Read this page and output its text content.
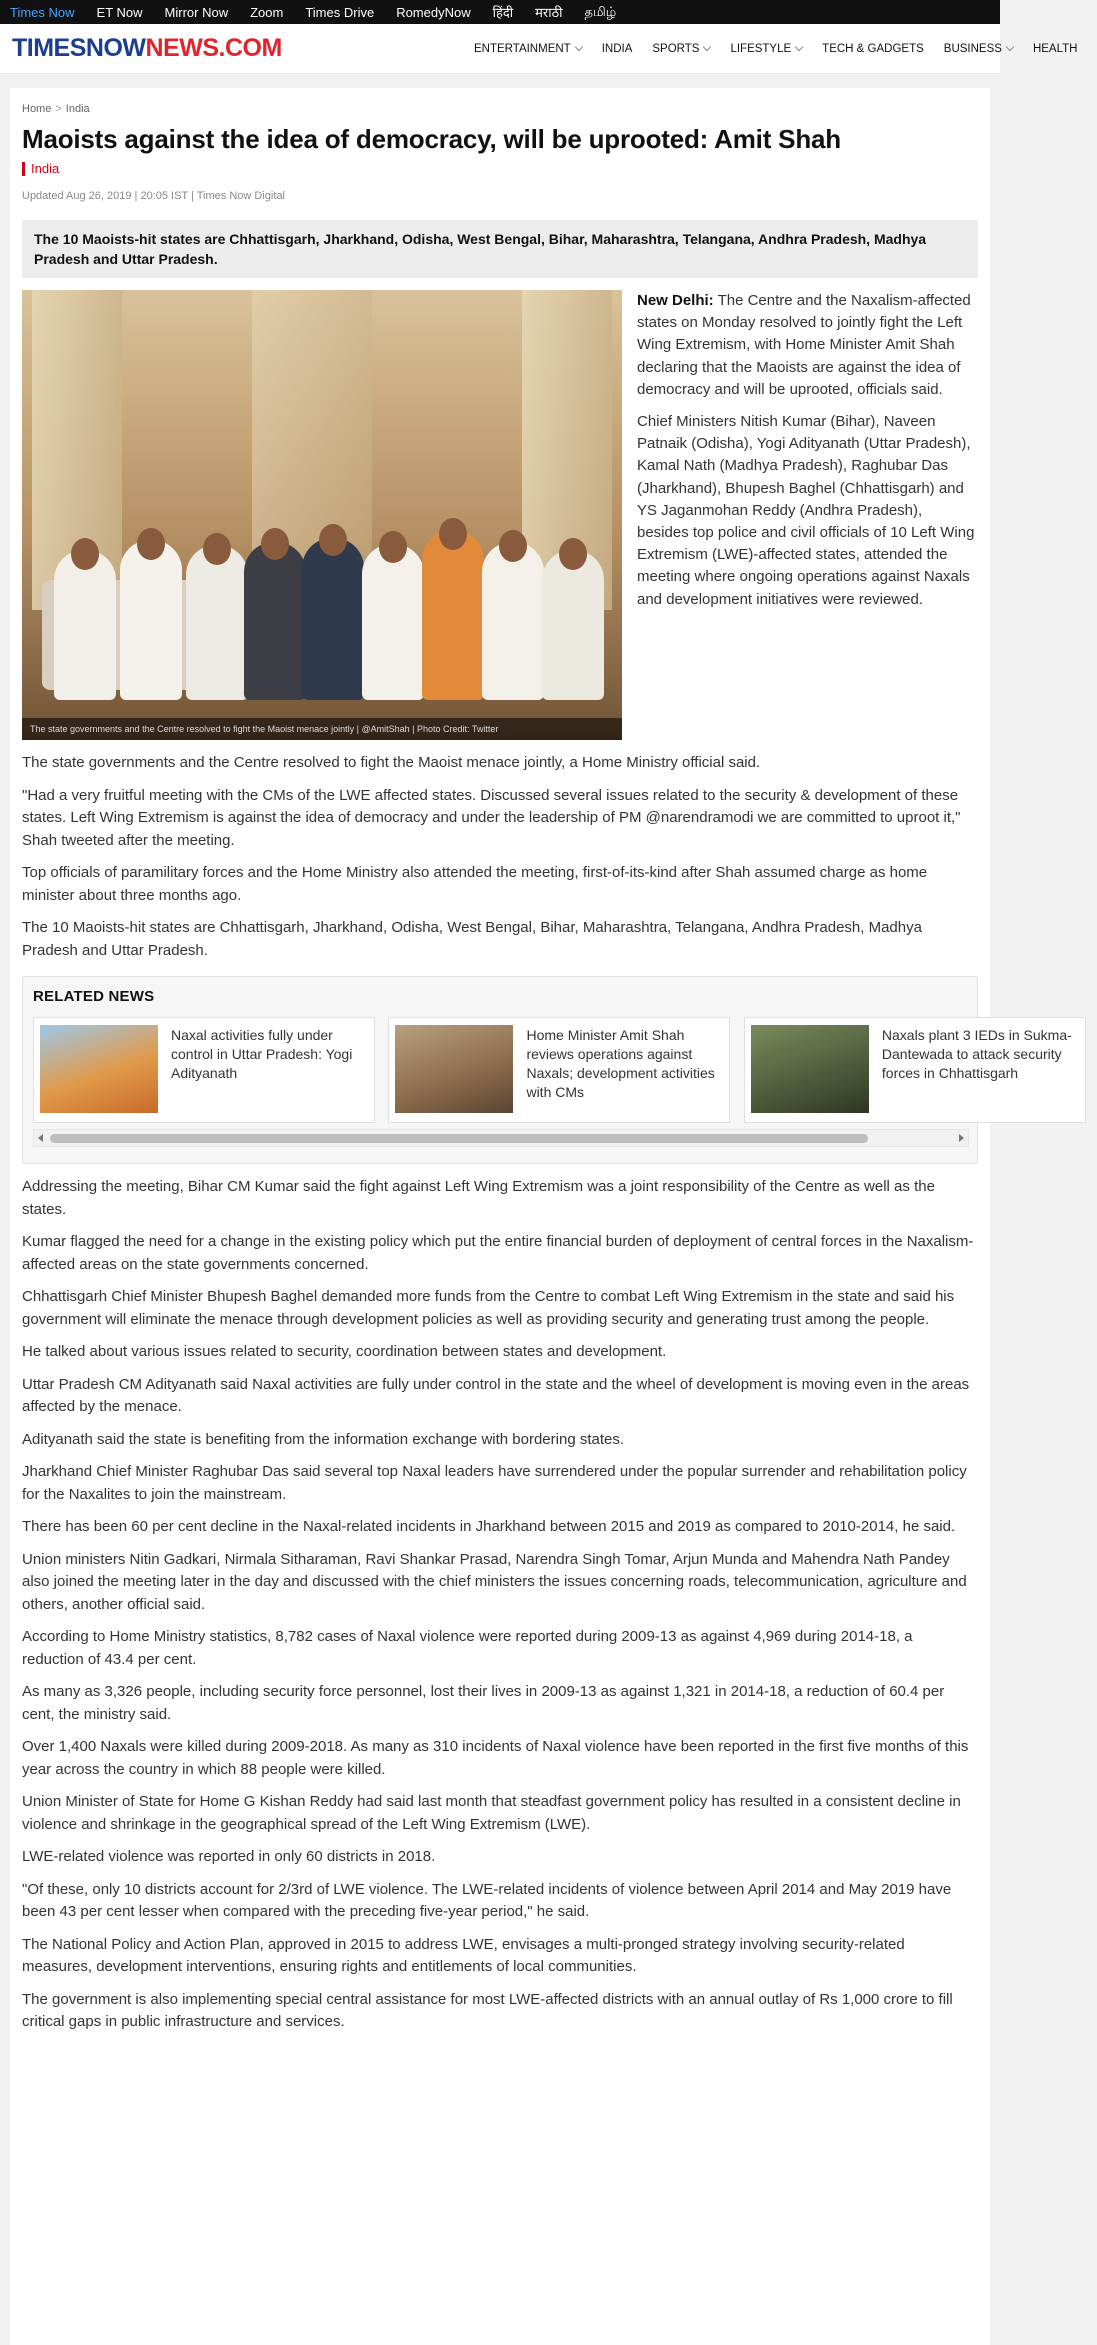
Times Now ET Now Mirror Now Zoom Times Drive RomedyNow हिंदी मराठी தமிழ்
TIMESNOWNEWS.COM	ENTERTAINMENT	INDIA SPORTS	LIFESTYLE	TECH & GADGETS BUSINESS	HEALTH
Home > India
Maoists against the idea of democracy, will be uprooted: Amit Shah
India
Updated Aug 26, 2019 | 20:05 IST | Times Now Digital
The 10 Maoists-hit states are Chhattisgarh, Jharkhand, Odisha, West Bengal, Bihar, Maharashtra, Telangana, Andhra Pradesh, Madhya Pradesh and Uttar Pradesh.
The state governments and the Centre resolved to fight the Maoist menace jointly | @AmitShah | Photo Credit: Twitter

New Delhi: The Centre and the Naxalism-affected states on Monday resolved to jointly fight the Left Wing Extremism, with Home Minister Amit Shah declaring that the Maoists are against the idea of democracy and will be uprooted, officials said.

Chief Ministers Nitish Kumar (Bihar), Naveen Patnaik (Odisha), Yogi Adityanath (Uttar Pradesh), Kamal Nath (Madhya Pradesh), Raghubar Das (Jharkhand), Bhupesh Baghel (Chhattisgarh) and YS Jaganmohan Reddy (Andhra Pradesh), besides top police and civil officials of 10 Left Wing Extremism (LWE)-affected states, attended the meeting where ongoing operations against Naxals and development initiatives were reviewed.

The state governments and the Centre resolved to fight the Maoist menace jointly, a Home Ministry official said.

"Had a very fruitful meeting with the CMs of the LWE affected states. Discussed several issues related to the security & development of these states. Left Wing Extremism is against the idea of democracy and under the leadership of PM @narendramodi we are committed to uproot it," Shah tweeted after the meeting.

Top officials of paramilitary forces and the Home Ministry also attended the meeting, first-of-its-kind after Shah assumed charge as home minister about three months ago.

The 10 Maoists-hit states are Chhattisgarh, Jharkhand, Odisha, West Bengal, Bihar, Maharashtra, Telangana, Andhra Pradesh, Madhya Pradesh and Uttar Pradesh.

RELATED NEWS
Naxal activities fully under control in Uttar Pradesh: Yogi Adityanath

Home Minister Amit Shah reviews operations against Naxals; development activities with CMs

Naxals plant 3 IEDs in Sukma-Dantewada to attack security forces in Chhattisgarh

Addressing the meeting, Bihar CM Kumar said the fight against Left Wing Extremism was a joint responsibility of the Centre as well as the states.

Kumar flagged the need for a change in the existing policy which put the entire financial burden of deployment of central forces in the Naxalism-affected areas on the state governments concerned.

Chhattisgarh Chief Minister Bhupesh Baghel demanded more funds from the Centre to combat Left Wing Extremism in the state and said his government will eliminate the menace through development policies as well as providing security and generating trust among the people.

He talked about various issues related to security, coordination between states and development.

Uttar Pradesh CM Adityanath said Naxal activities are fully under control in the state and the wheel of development is moving even in the areas affected by the menace.

Adityanath said the state is benefiting from the information exchange with bordering states.

Jharkhand Chief Minister Raghubar Das said several top Naxal leaders have surrendered under the popular surrender and rehabilitation policy for the Naxalites to join the mainstream.

There has been 60 per cent decline in the Naxal-related incidents in Jharkhand between 2015 and 2019 as compared to 2010-2014, he said.

Union ministers Nitin Gadkari, Nirmala Sitharaman, Ravi Shankar Prasad, Narendra Singh Tomar, Arjun Munda and Mahendra Nath Pandey also joined the meeting later in the day and discussed with the chief ministers the issues concerning roads, telecommunication, agriculture and others, another official said.

According to Home Ministry statistics, 8,782 cases of Naxal violence were reported during 2009-13 as against 4,969 during 2014-18, a reduction of 43.4 per cent.

As many as 3,326 people, including security force personnel, lost their lives in 2009-13 as against 1,321 in 2014-18, a reduction of 60.4 per cent, the ministry said.

Over 1,400 Naxals were killed during 2009-2018. As many as 310 incidents of Naxal violence have been reported in the first five months of this year across the country in which 88 people were killed.

Union Minister of State for Home G Kishan Reddy had said last month that steadfast government policy has resulted in a consistent decline in violence and shrinkage in the geographical spread of the Left Wing Extremism (LWE).

LWE-related violence was reported in only 60 districts in 2018.

"Of these, only 10 districts account for 2/3rd of LWE violence. The LWE-related incidents of violence between April 2014 and May 2019 have been 43 per cent lesser when compared with the preceding five-year period," he said.

The National Policy and Action Plan, approved in 2015 to address LWE, envisages a multi-pronged strategy involving security-related measures, development interventions, ensuring rights and entitlements of local communities.

The government is also implementing special central assistance for most LWE-affected districts with an annual outlay of Rs 1,000 crore to fill critical gaps in public infrastructure and services.
